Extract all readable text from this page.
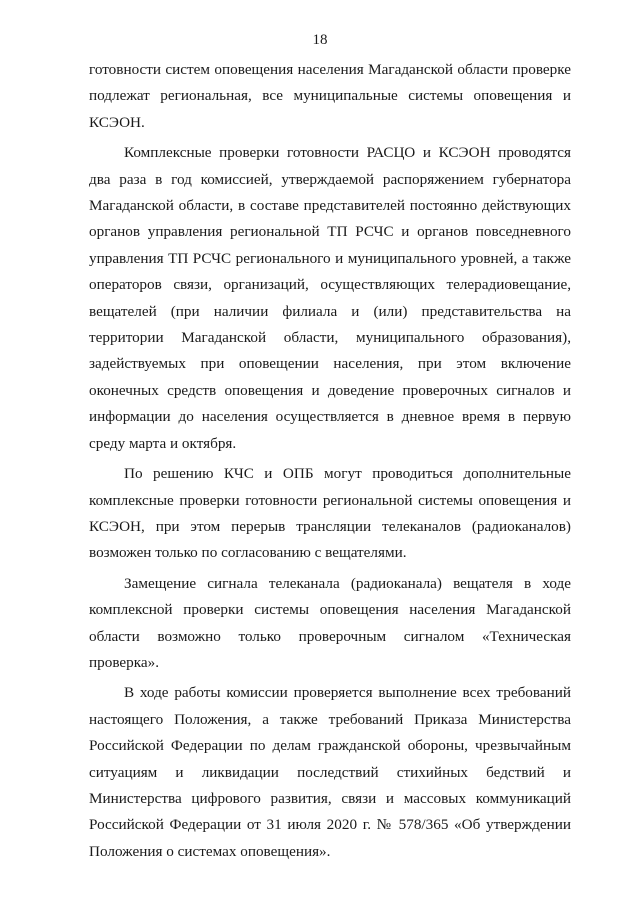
18

готовности систем оповещения населения Магаданской области проверке подлежат региональная, все муниципальные системы оповещения и КСЭОН.

Комплексные проверки готовности РАСЦО и КСЭОН проводятся два раза в год комиссией, утверждаемой распоряжением губернатора Магаданской области, в составе представителей постоянно действующих органов управления региональной ТП РСЧС и органов повседневного управления ТП РСЧС регионального и муниципального уровней, а также операторов связи, организаций, осуществляющих телерадиовещание, вещателей (при наличии филиала и (или) представительства на территории Магаданской области, муниципального образования), задействуемых при оповещении населения, при этом включение оконечных средств оповещения и доведение проверочных сигналов и информации до населения осуществляется в дневное время в первую среду марта и октября.

По решению КЧС и ОПБ могут проводиться дополнительные комплексные проверки готовности региональной системы оповещения и КСЭОН, при этом перерыв трансляции телеканалов (радиоканалов) возможен только по согласованию с вещателями.

Замещение сигнала телеканала (радиоканала) вещателя в ходе комплексной проверки системы оповещения населения Магаданской области возможно только проверочным сигналом «Техническая проверка».

В ходе работы комиссии проверяется выполнение всех требований настоящего Положения, а также требований Приказа Министерства Российской Федерации по делам гражданской обороны, чрезвычайным ситуациям и ликвидации последствий стихийных бедствий и Министерства цифрового развития, связи и массовых коммуникаций Российской Федерации от 31 июля 2020 г. № 578/365 «Об утверждении Положения о системах оповещения».
